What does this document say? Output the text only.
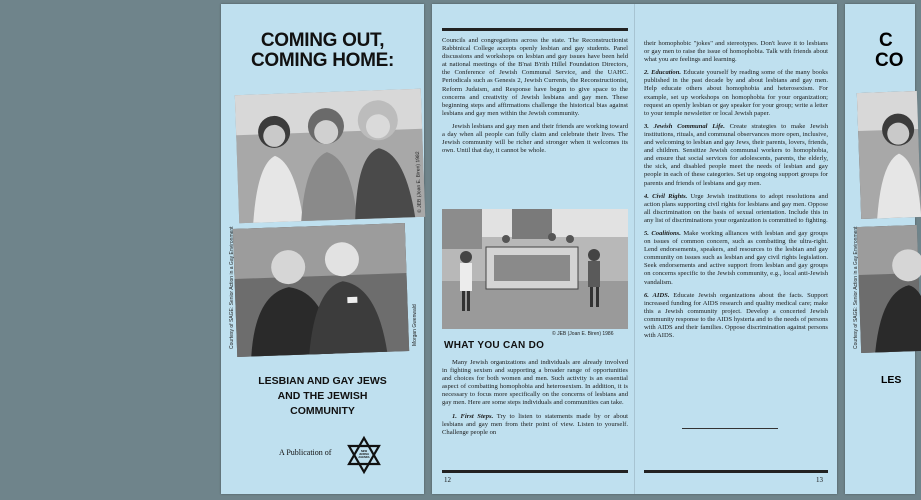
COMING OUT,
COMING HOME:
© JEB (Joan E. Biren) 1982
Courtesy of SAGE: Senior Action in a Gay Environment	Morgan Gwenwald
LESBIAN AND GAY JEWS
AND THE JEWISH
COMMUNITY
A Publication of	NEW JEWISH AGENDA

Councils and congregations across the state. The Reconstructionist Rabbinical College accepts openly lesbian and gay students. Panel discussions and workshops on lesbian and gay issues have been held at national meetings of the B'nai B'rith Hillel Foundation Directors, the Conference of Jewish Communal Service, and the UAHC. Periodicals such as Genesis 2, Jewish Currents, the Reconstructionist, Reform Judaism, and Response have begun to give space to the concerns and creativity of Jewish lesbians and gay men. These beginning steps and affirmations challenge the historical bias against lesbians and gay men within the Jewish community.

Jewish lesbians and gay men and their friends are working toward a day when all people can fully claim and celebrate their lives. The Jewish community will be richer and stronger when it welcomes its own. Until that day, it cannot be whole.

© JEB (Joan E. Biren) 1986
WHAT YOU CAN DO

Many Jewish organizations and individuals are already involved in fighting sexism and supporting a broader range of opportunities and choices for both women and men. Such activity is an essential aspect of combatting homophobia and heterosexism. In addition, it is necessary to focus more specifically on the concerns of lesbians and gay men. Here are some steps individuals and communities can take.

1. First Steps. Try to listen to statements made by or about lesbians and gay men from their point of view. Listen to yourself. Challenge people on

12

their homophobic "jokes" and stereotypes. Don't leave it to lesbians or gay men to raise the issue of homophobia. Talk with friends about what you are feelings and learning.

2. Education. Educate yourself by reading some of the many books published in the past decade by and about lesbians and gay men. Help educate others about homophobia and heterosexism. For example, set up workshops on homophobia for your organization; request an openly lesbian or gay speaker for your group; write a letter to your temple newsletter or local Jewish paper.

3. Jewish Communal Life. Create strategies to make Jewish institutions, rituals, and communal observances more open, inclusive, and welcoming to lesbian and gay Jews, their parents, lovers, friends, and children. Sensitize Jewish communal workers to homophobia, and ensure that social services for adolescents, parents, the elderly, the sick, and disabled people meet the needs of lesbian and gay people in each of these categories. Set up ongoing support groups for parents and friends of lesbians and gay men.

4. Civil Rights. Urge Jewish institutions to adopt resolutions and action plans supporting civil rights for lesbians and gay men. Oppose all discrimination on the basis of sexual orientation. Include this in any list of discriminations your organization is committed to fighting.

5. Coalitions. Make working alliances with lesbian and gay groups on issues of common concern, such as combatting the ultra-right. Lend endorsements, speakers, and resources to the lesbian and gay community on issues such as lesbian and gay civil rights legislation. Seek endorsements and active support from lesbian and gay groups on concerns specific to the Jewish community, e.g., local anti-Jewish vandalism.

6. AIDS. Educate Jewish organizations about the facts. Support increased funding for AIDS research and quality medical care; make this a Jewish community project. Develop a concerted Jewish community response to the AIDS hysteria and to the needs of persons with AIDS and their families. Oppose discrimination against persons with AIDS.

13
C
CO
Courtesy of SAGE: Senior Action in a Gay Environment
LES
